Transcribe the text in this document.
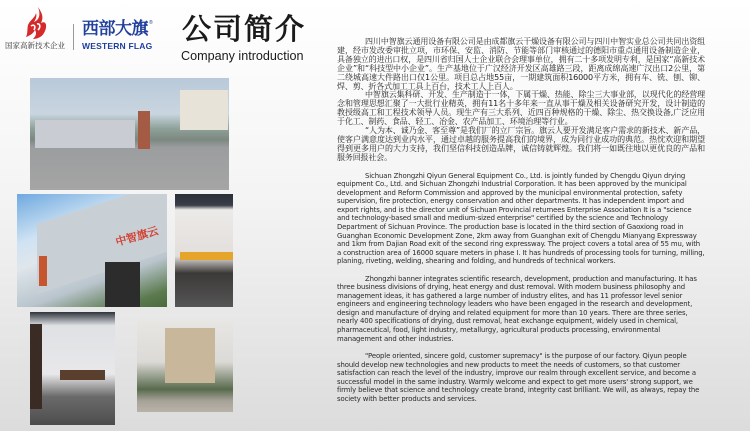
国家高新技术企业
西部大旗®
WESTERN FLAG 公司简介
Company introduction
中智旗云

四川中智旗云通用设备有限公司是由成都旗云干燥设备有限公司与四川中智实业总公司共同出资组建，经市发改委审批立项，市环保、安监、消防、节能等部门审核通过的德阳市重点通用设备制造企业，具备独立的进出口权，是四川省归国人士企业联合会理事单位，拥有二十多项发明专利，是国家“高新技术企业”和“科技型中小企业”。生产基地位于广汉经济开发区高雄路三段，距离成绵高速广汉出口2公里，第二绕城高速大件路出口仅1公里。项目总占地55亩，一期建筑面积16000平方米，拥有车、铣、刨、铆、焊、剪、折各式加工工具上百台，技术工人上百人。

中智旗云集科研、开发、生产制造于一体，下属干燥、热能、除尘三大事业部，以现代化的经营理念和管理思想汇聚了一大批行业精英，拥有11名十多年来一直从事干燥及相关设备研究开发，设计制造的教授级高工和工程技术领导人员。现生产有三大系列、近四百种规格的干燥、除尘、热交换设备,广泛应用于化工、制药、食品、轻工、冶金、农产品加工、环境治理等行业。

“人为本、诚乃金、客至尊”是我们厂的立厂宗旨。旗云人要开发满足客户需求的新技术、新产品，使客户满意度达到业内水平，通过卓越的服务提高我们的境界，成为同行业成功的典范。热忱欢迎和期望得到更多用户的大力支持，我们坚信科技创造品牌，诚信铸就辉煌。我们将一如既往地以更优良的产品和服务回报社会。

Sichuan Zhongzhi Qiyun General Equipment Co., Ltd. is jointly funded by Chengdu Qiyun drying equipment Co., Ltd. and Sichuan Zhongzhi Industrial Corporation. It has been approved by the municipal development and Reform Commission and approved by the municipal environmental protection, safety supervision, fire protection, energy conservation and other departments. It has independent import and export rights, and is the director unit of Sichuan Provincial returnees Enterprise Association It is a "science and technology-based small and medium-sized enterprise" certified by the science and Technology Department of Sichuan Province. The production base is located in the third section of Gaoxiong road in Guanghan Economic Development Zone, 2km away from Guanghan exit of Chengdu Mianyang Expressway and 1km from Dajian Road exit of the second ring expressway. The project covers a total area of 55 mu, with a construction area of 16000 square meters in phase I. It has hundreds of processing tools for turning, milling, planing, riveting, welding, shearing and folding, and hundreds of technical workers.

Zhongzhi banner integrates scientific research, development, production and manufacturing. It has three business divisions of drying, heat energy and dust removal. With modern business philosophy and management ideas, it has gathered a large number of industry elites, and has 11 professor level senior engineers and engineering technology leaders who have been engaged in the research and development, design and manufacture of drying and related equipment for more than 10 years. There are three series, nearly 400 specifications of drying, dust removal, heat exchange equipment, widely used in chemical, pharmaceutical, food, light industry, metallurgy, agricultural products processing, environmental management and other industries.

"People oriented, sincere gold, customer supremacy" is the purpose of our factory. Qiyun people should develop new technologies and new products to meet the needs of customers, so that customer satisfaction can reach the level of the industry, improve our realm through excellent service, and become a successful model in the same industry. Warmly welcome and expect to get more users' strong support, we firmly believe that science and technology create brand, integrity cast brilliant. We will, as always, repay the society with better products and services.
